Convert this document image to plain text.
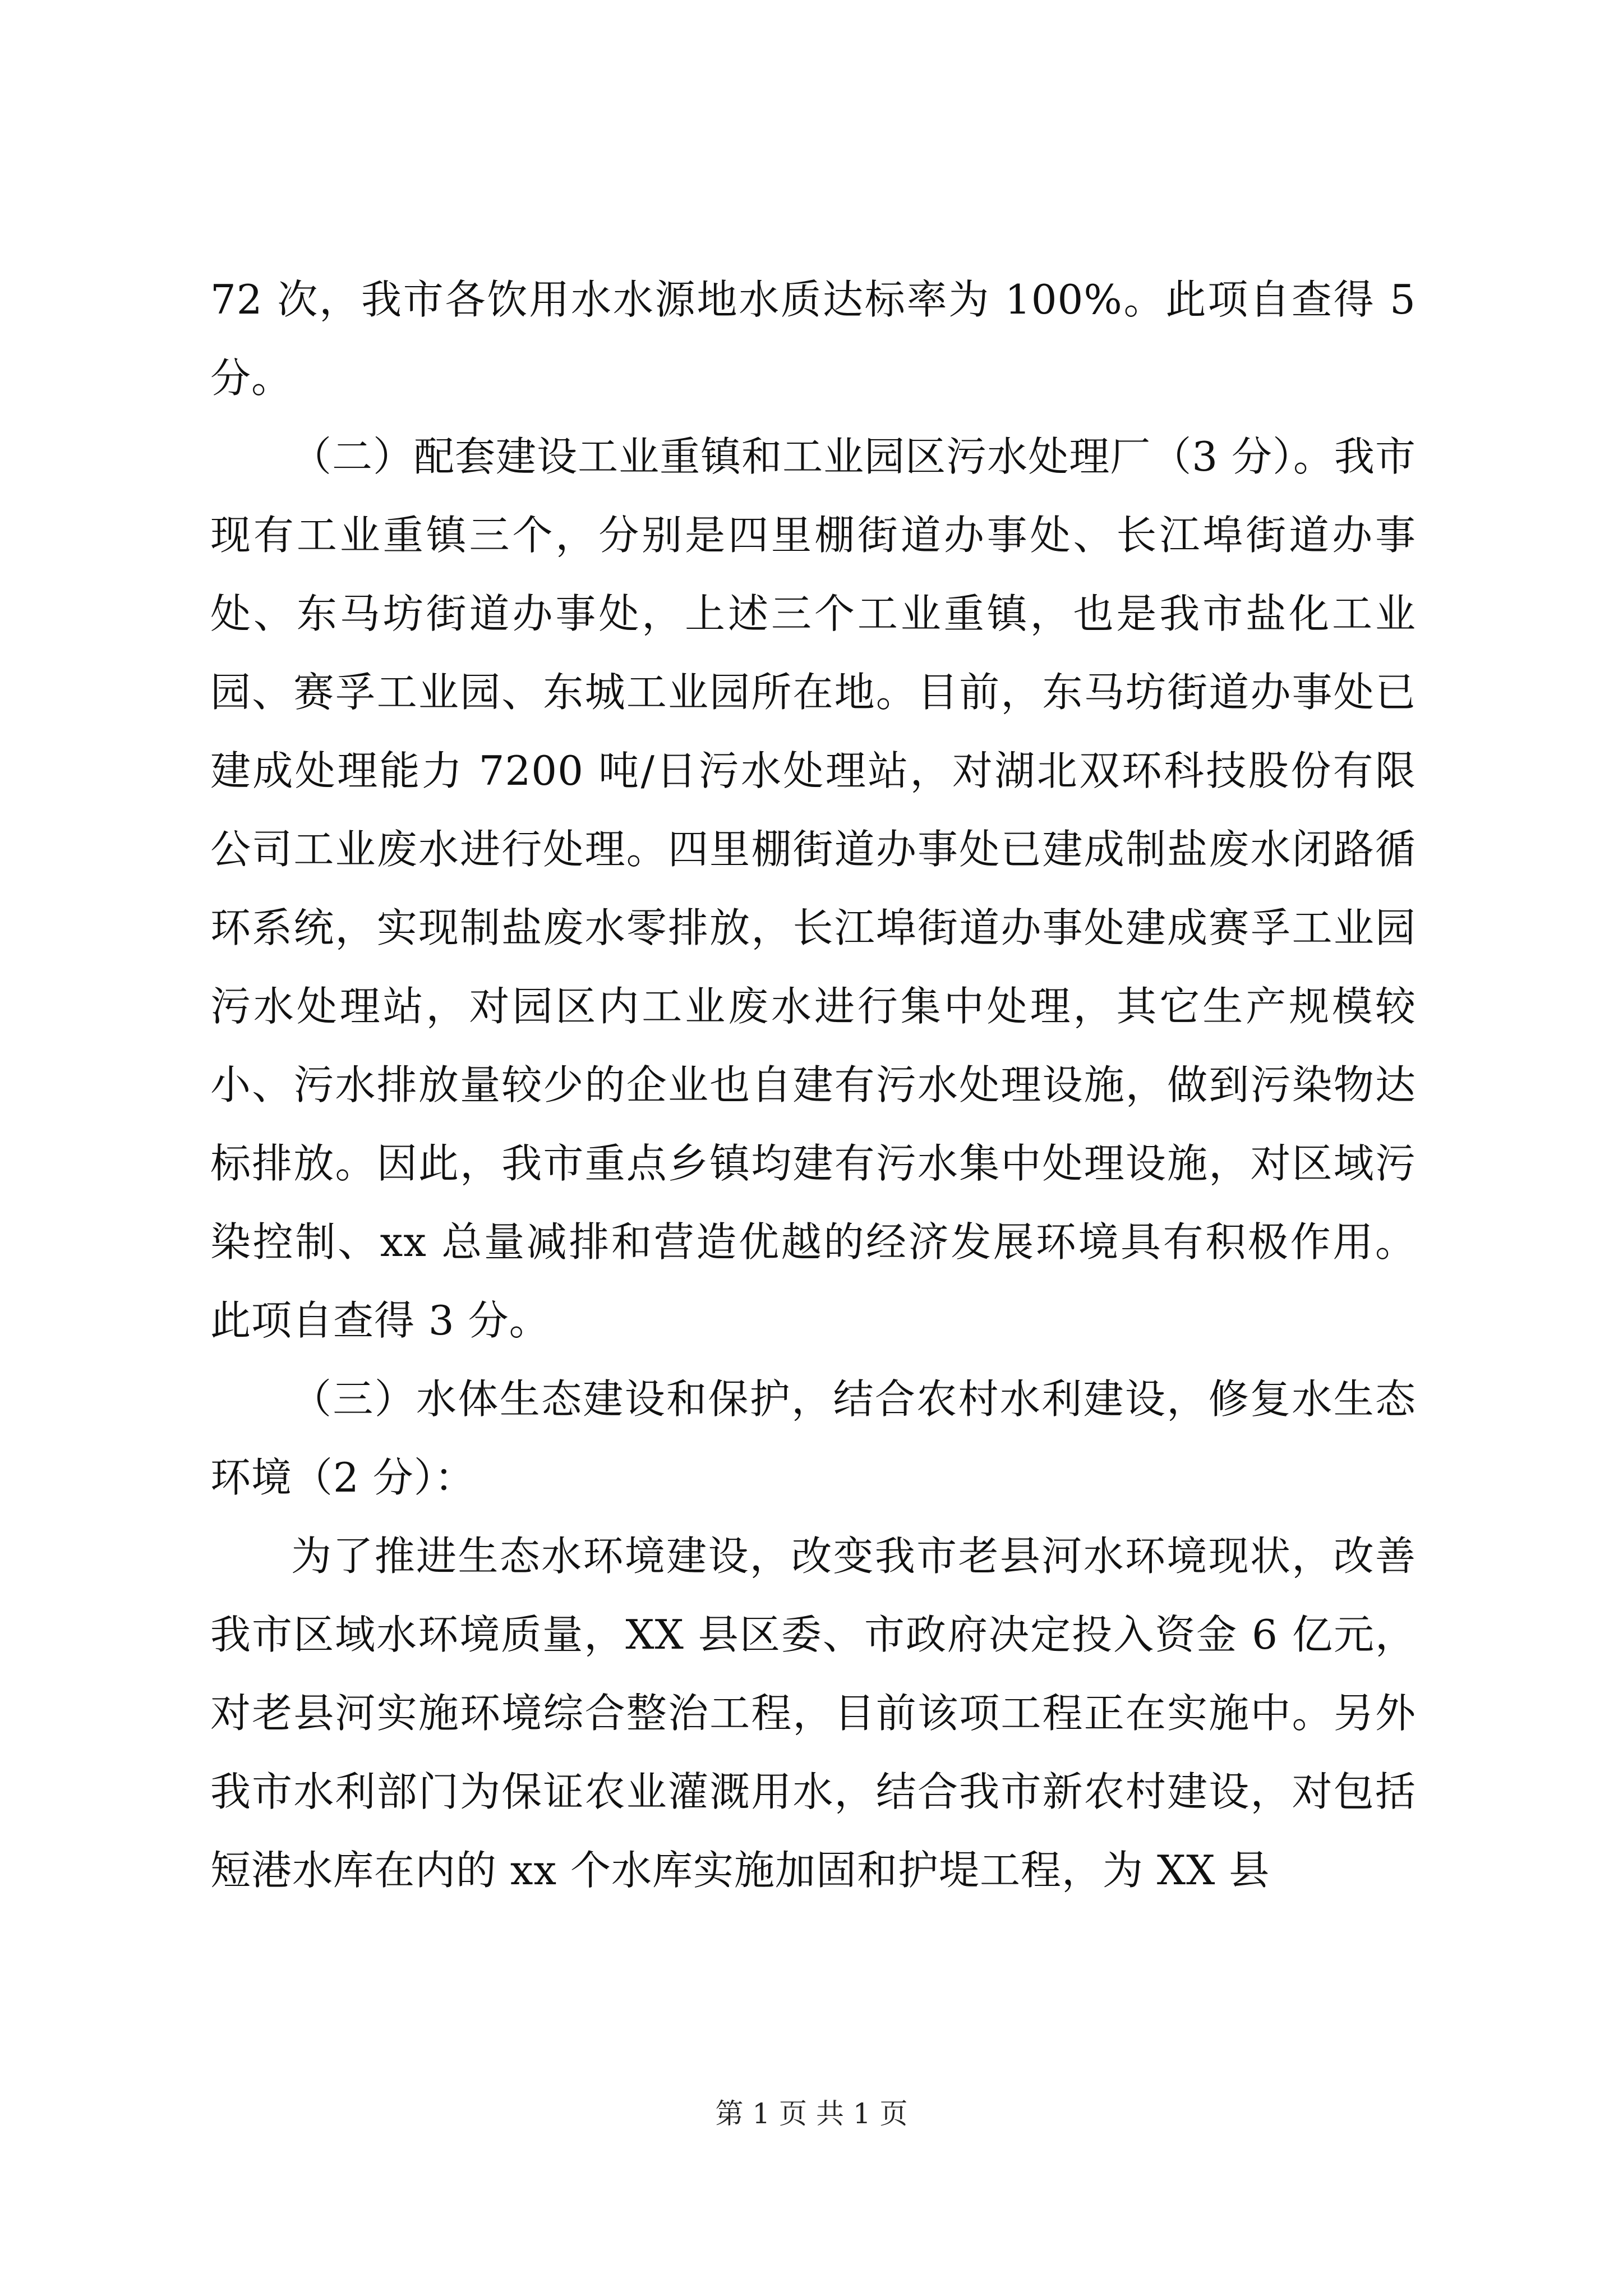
72 次，我市各饮用水水源地水质达标率为 100%。此项自查得 5 分。

（二）配套建设工业重镇和工业园区污水处理厂（3 分）。我市现有工业重镇三个，分别是四里棚街道办事处、长江埠街道办事处、东马坊街道办事处，上述三个工业重镇，也是我市盐化工业园、赛孚工业园、东城工业园所在地。目前，东马坊街道办事处已建成处理能力 7200 吨/日污水处理站，对湖北双环科技股份有限公司工业废水进行处理。四里棚街道办事处已建成制盐废水闭路循环系统，实现制盐废水零排放，长江埠街道办事处建成赛孚工业园污水处理站，对园区内工业废水进行集中处理，其它生产规模较小、污水排放量较少的企业也自建有污水处理设施，做到污染物达标排放。因此，我市重点乡镇均建有污水集中处理设施，对区域污染控制、xx 总量减排和营造优越的经济发展环境具有积极作用。此项自查得 3 分。

（三）水体生态建设和保护，结合农村水利建设，修复水生态环境（2 分）：

为了推进生态水环境建设，改变我市老县河水环境现状，改善我市区域水环境质量，XX 县区委、市政府决定投入资金 6 亿元，对老县河实施环境综合整治工程，目前该项工程正在实施中。另外我市水利部门为保证农业灌溉用水，结合我市新农村建设，对包括短港水库在内的 xx 个水库实施加固和护堤工程，为 XX 县

第 1 页 共 1 页
